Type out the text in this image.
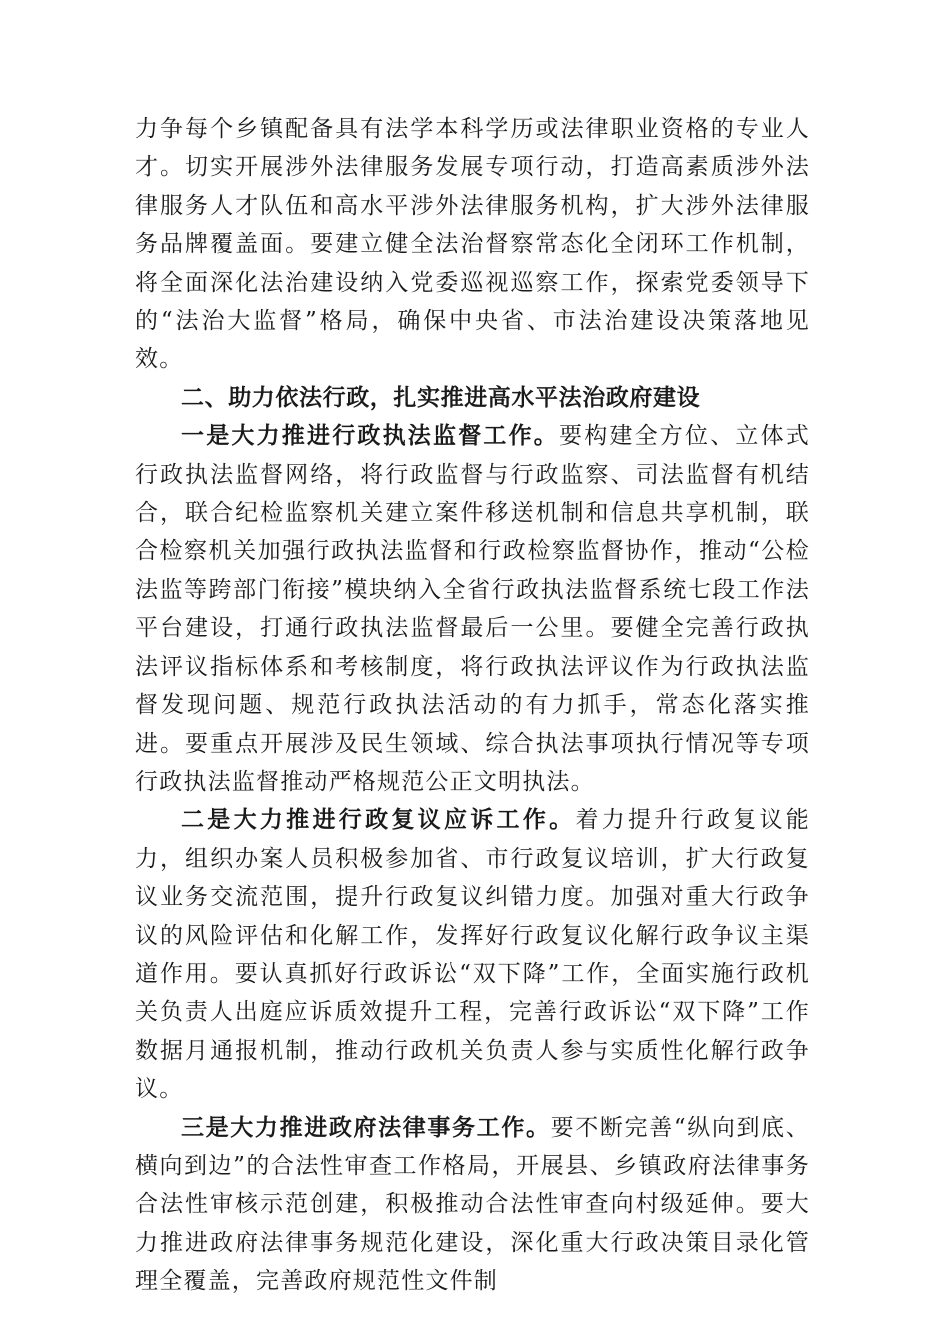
力争每个乡镇配备具有法学本科学历或法律职业资格的专业人才。切实开展涉外法律服务发展专项行动，打造高素质涉外法律服务人才队伍和高水平涉外法律服务机构，扩大涉外法律服务品牌覆盖面。要建立健全法治督察常态化全闭环工作机制，将全面深化法治建设纳入党委巡视巡察工作，探索党委领导下的“法治大监督”格局，确保中央省、市法治建设决策落地见效。

二、助力依法行政，扎实推进高水平法治政府建设

一是大力推进行政执法监督工作。要构建全方位、立体式行政执法监督网络，将行政监督与行政监察、司法监督有机结合，联合纪检监察机关建立案件移送机制和信息共享机制，联合检察机关加强行政执法监督和行政检察监督协作，推动“公检法监等跨部门衔接”模块纳入全省行政执法监督系统七段工作法平台建设，打通行政执法监督最后一公里。要健全完善行政执法评议指标体系和考核制度，将行政执法评议作为行政执法监督发现问题、规范行政执法活动的有力抓手，常态化落实推进。要重点开展涉及民生领域、综合执法事项执行情况等专项行政执法监督推动严格规范公正文明执法。

二是大力推进行政复议应诉工作。着力提升行政复议能力，组织办案人员积极参加省、市行政复议培训，扩大行政复议业务交流范围，提升行政复议纠错力度。加强对重大行政争议的风险评估和化解工作，发挥好行政复议化解行政争议主渠道作用。要认真抓好行政诉讼“双下降”工作，全面实施行政机关负责人出庭应诉质效提升工程，完善行政诉讼“双下降”工作数据月通报机制，推动行政机关负责人参与实质性化解行政争议。

三是大力推进政府法律事务工作。要不断完善“纵向到底、横向到边”的合法性审查工作格局，开展县、乡镇政府法律事务合法性审核示范创建，积极推动合法性审查向村级延伸。要大力推进政府法律事务规范化建设，深化重大行政决策目录化管理全覆盖，完善政府规范性文件制
